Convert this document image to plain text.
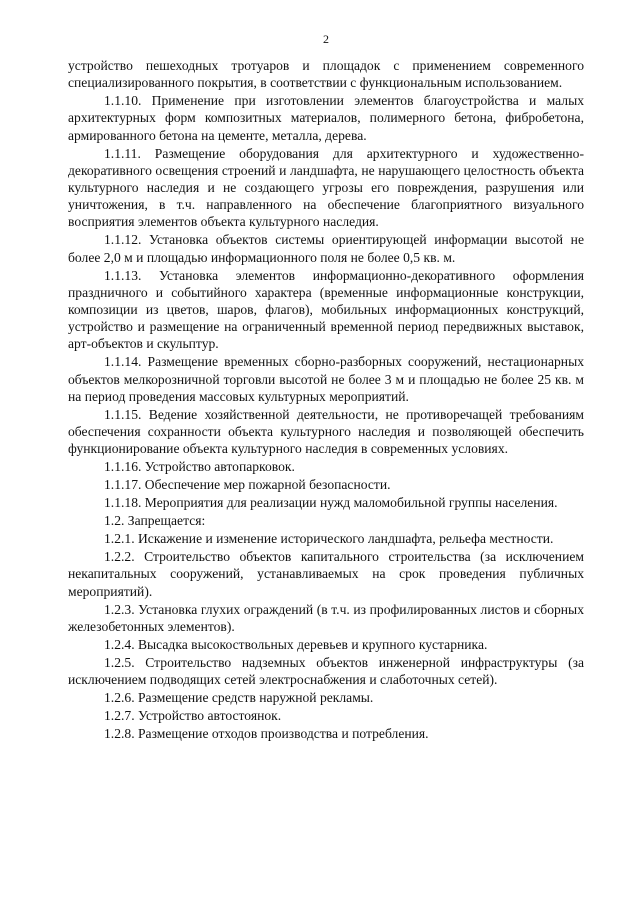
2

устройство пешеходных тротуаров и площадок с применением современного специализированного покрытия, в соответствии с функциональным использованием.

1.1.10. Применение при изготовлении элементов благоустройства и малых архитектурных форм композитных материалов, полимерного бетона, фибробетона, армированного бетона на цементе, металла, дерева.

1.1.11. Размещение оборудования для архитектурного и художественно-декоративного освещения строений и ландшафта, не нарушающего целостность объекта культурного наследия и не создающего угрозы его повреждения, разрушения или уничтожения, в т.ч. направленного на обеспечение благоприятного визуального восприятия элементов объекта культурного наследия.

1.1.12. Установка объектов системы ориентирующей информации высотой не более 2,0 м и площадью информационного поля не более 0,5 кв. м.

1.1.13. Установка элементов информационно-декоративного оформления праздничного и событийного характера (временные информационные конструкции, композиции из цветов, шаров, флагов), мобильных информационных конструкций, устройство и размещение на ограниченный временной период передвижных выставок, арт-объектов и скульптур.

1.1.14. Размещение временных сборно-разборных сооружений, нестационарных объектов мелкорозничной торговли высотой не более 3 м и площадью не более 25 кв. м на период проведения массовых культурных мероприятий.

1.1.15. Ведение хозяйственной деятельности, не противоречащей требованиям обеспечения сохранности объекта культурного наследия и позволяющей обеспечить функционирование объекта культурного наследия в современных условиях.

1.1.16. Устройство автопарковок.

1.1.17. Обеспечение мер пожарной безопасности.

1.1.18. Мероприятия для реализации нужд маломобильной группы населения.

1.2. Запрещается:

1.2.1. Искажение и изменение исторического ландшафта, рельефа местности.

1.2.2. Строительство объектов капитального строительства (за исключением некапитальных сооружений, устанавливаемых на срок проведения публичных мероприятий).

1.2.3. Установка глухих ограждений (в т.ч. из профилированных листов и сборных железобетонных элементов).

1.2.4. Высадка высокоствольных деревьев и крупного кустарника.

1.2.5. Строительство надземных объектов инженерной инфраструктуры (за исключением подводящих сетей электроснабжения и слаботочных сетей).

1.2.6. Размещение средств наружной рекламы.

1.2.7. Устройство автостоянок.

1.2.8. Размещение отходов производства и потребления.
